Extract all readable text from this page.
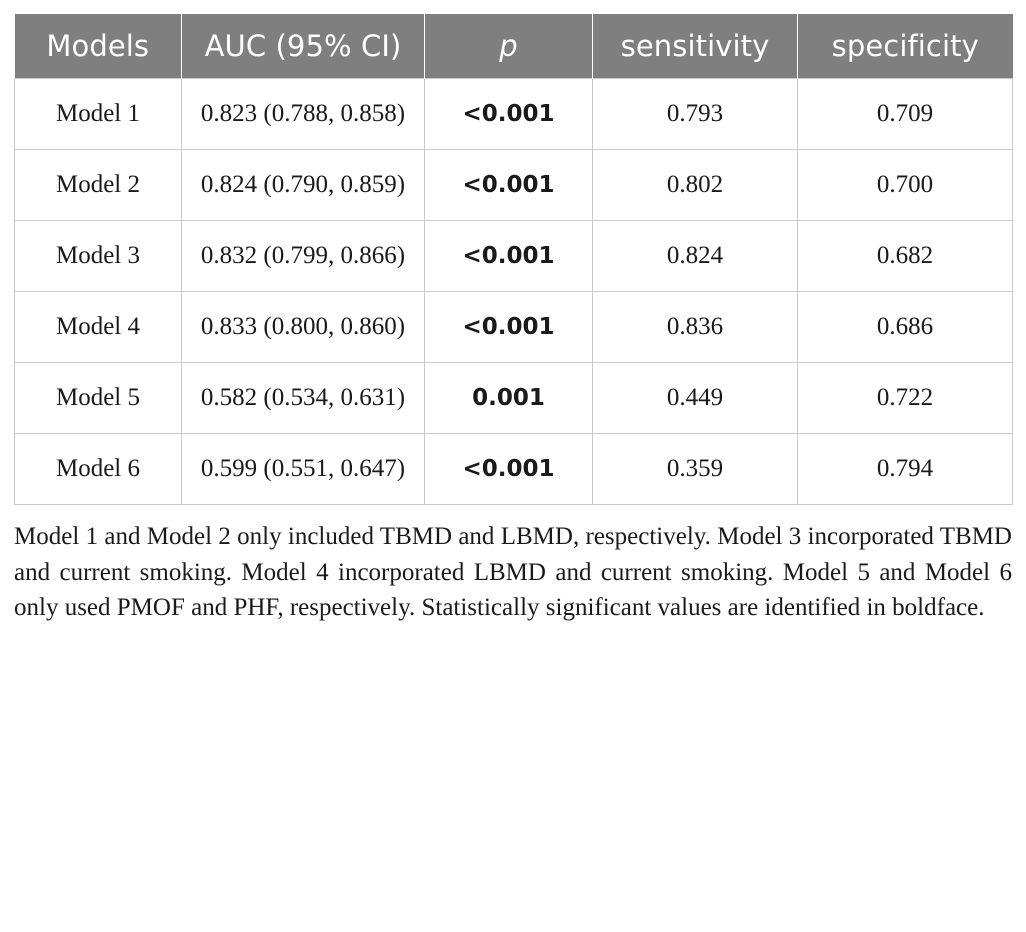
Models	AUC (95% CI)	p	sensitivity	specificity
Model 1	0.823 (0.788, 0.858)	<0.001	0.793	0.709
Model 2	0.824 (0.790, 0.859)	<0.001	0.802	0.700
Model 3	0.832 (0.799, 0.866)	<0.001	0.824	0.682
Model 4	0.833 (0.800, 0.860)	<0.001	0.836	0.686
Model 5	0.582 (0.534, 0.631)	0.001	0.449	0.722
Model 6	0.599 (0.551, 0.647)	<0.001	0.359	0.794
Model 1 and Model 2 only included TBMD and LBMD, respectively. Model 3 incorporated TBMD and current smoking. Model 4 incorporated LBMD and current smoking. Model 5 and Model 6 only used PMOF and PHF, respectively. Statistically significant values are identified in boldface.
